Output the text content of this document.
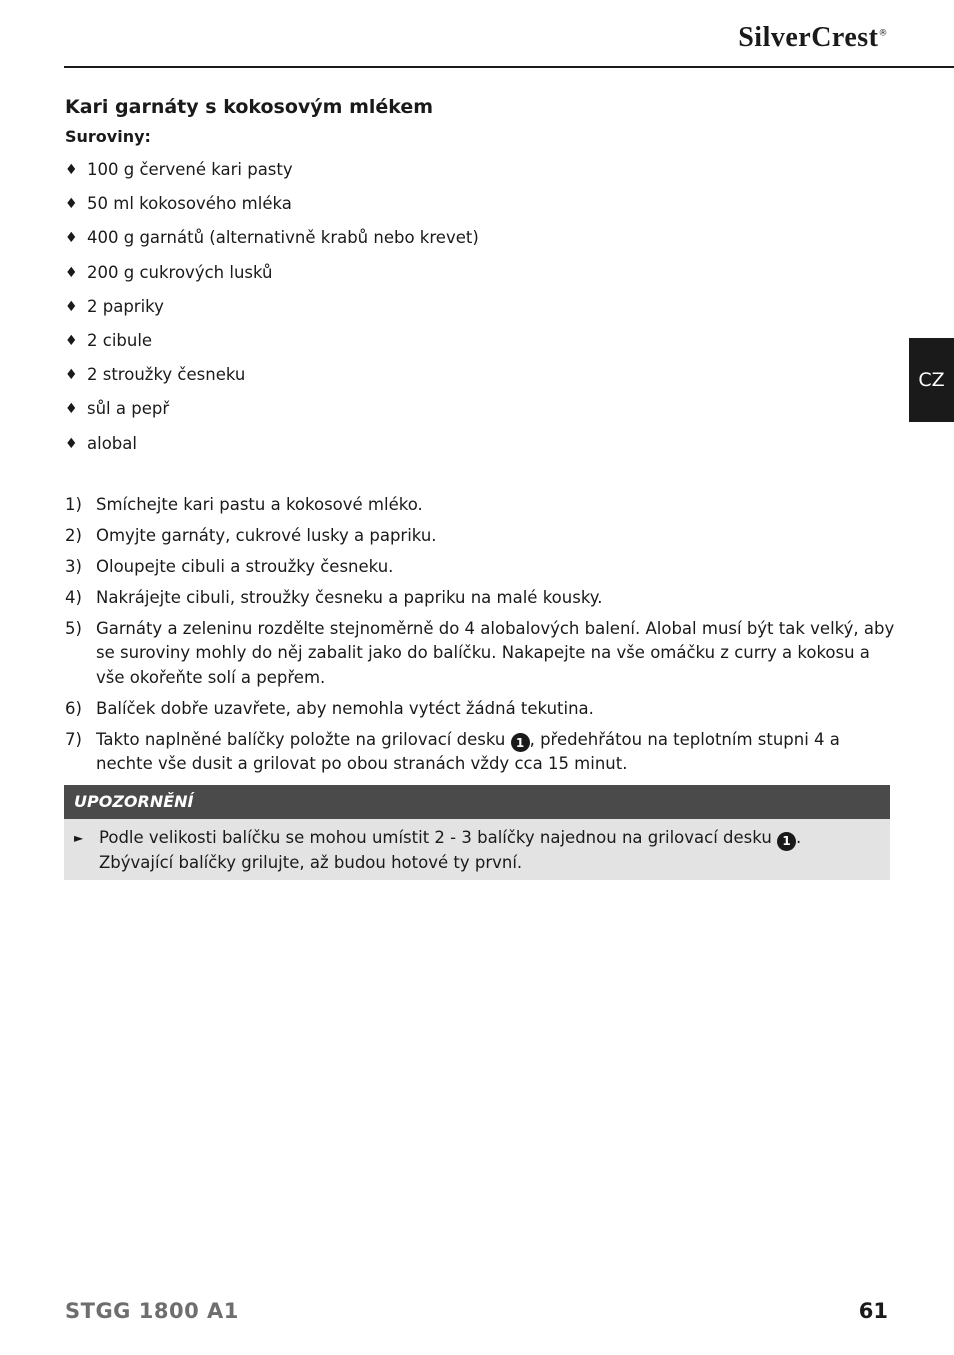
SilverCrest®
CZ
Kari garnáty s kokosovým mlékem
Suroviny:
♦ 100 g červené kari pasty
♦ 50 ml kokosového mléka
♦ 400 g garnátů (alternativně krabů nebo krevet)
♦ 200 g cukrových lusků
♦ 2 papriky
♦ 2 cibule
♦ 2 stroužky česneku
♦ sůl a pepř
♦ alobal
1) Smíchejte kari pastu a kokosové mléko.
2) Omyjte garnáty, cukrové lusky a papriku.
3) Oloupejte cibuli a stroužky česneku.
4) Nakrájejte cibuli, stroužky česneku a papriku na malé kousky.
5) Garnáty a zeleninu rozdělte stejnoměrně do 4 alobalových balení. Alobal musí být tak velký, aby se suroviny mohly do něj zabalit jako do balíčku. Nakapejte na vše omáčku z curry a kokosu a vše okořeňte solí a pepřem.
6) Balíček dobře uzavřete, aby nemohla vytéct žádná tekutina.
7) Takto naplněné balíčky položte na grilovací desku 1 , předehřátou na teplotním stupni 4 a nechte vše dusit a grilovat po obou stranách vždy cca 15 minut.
UPOZORNĚNÍ
► Podle velikosti balíčku se mohou umístit 2 - 3 balíčky najednou na grilovací desku 1 . Zbývající balíčky grilujte, až budou hotové ty první.
STGG 1800 A1	61
